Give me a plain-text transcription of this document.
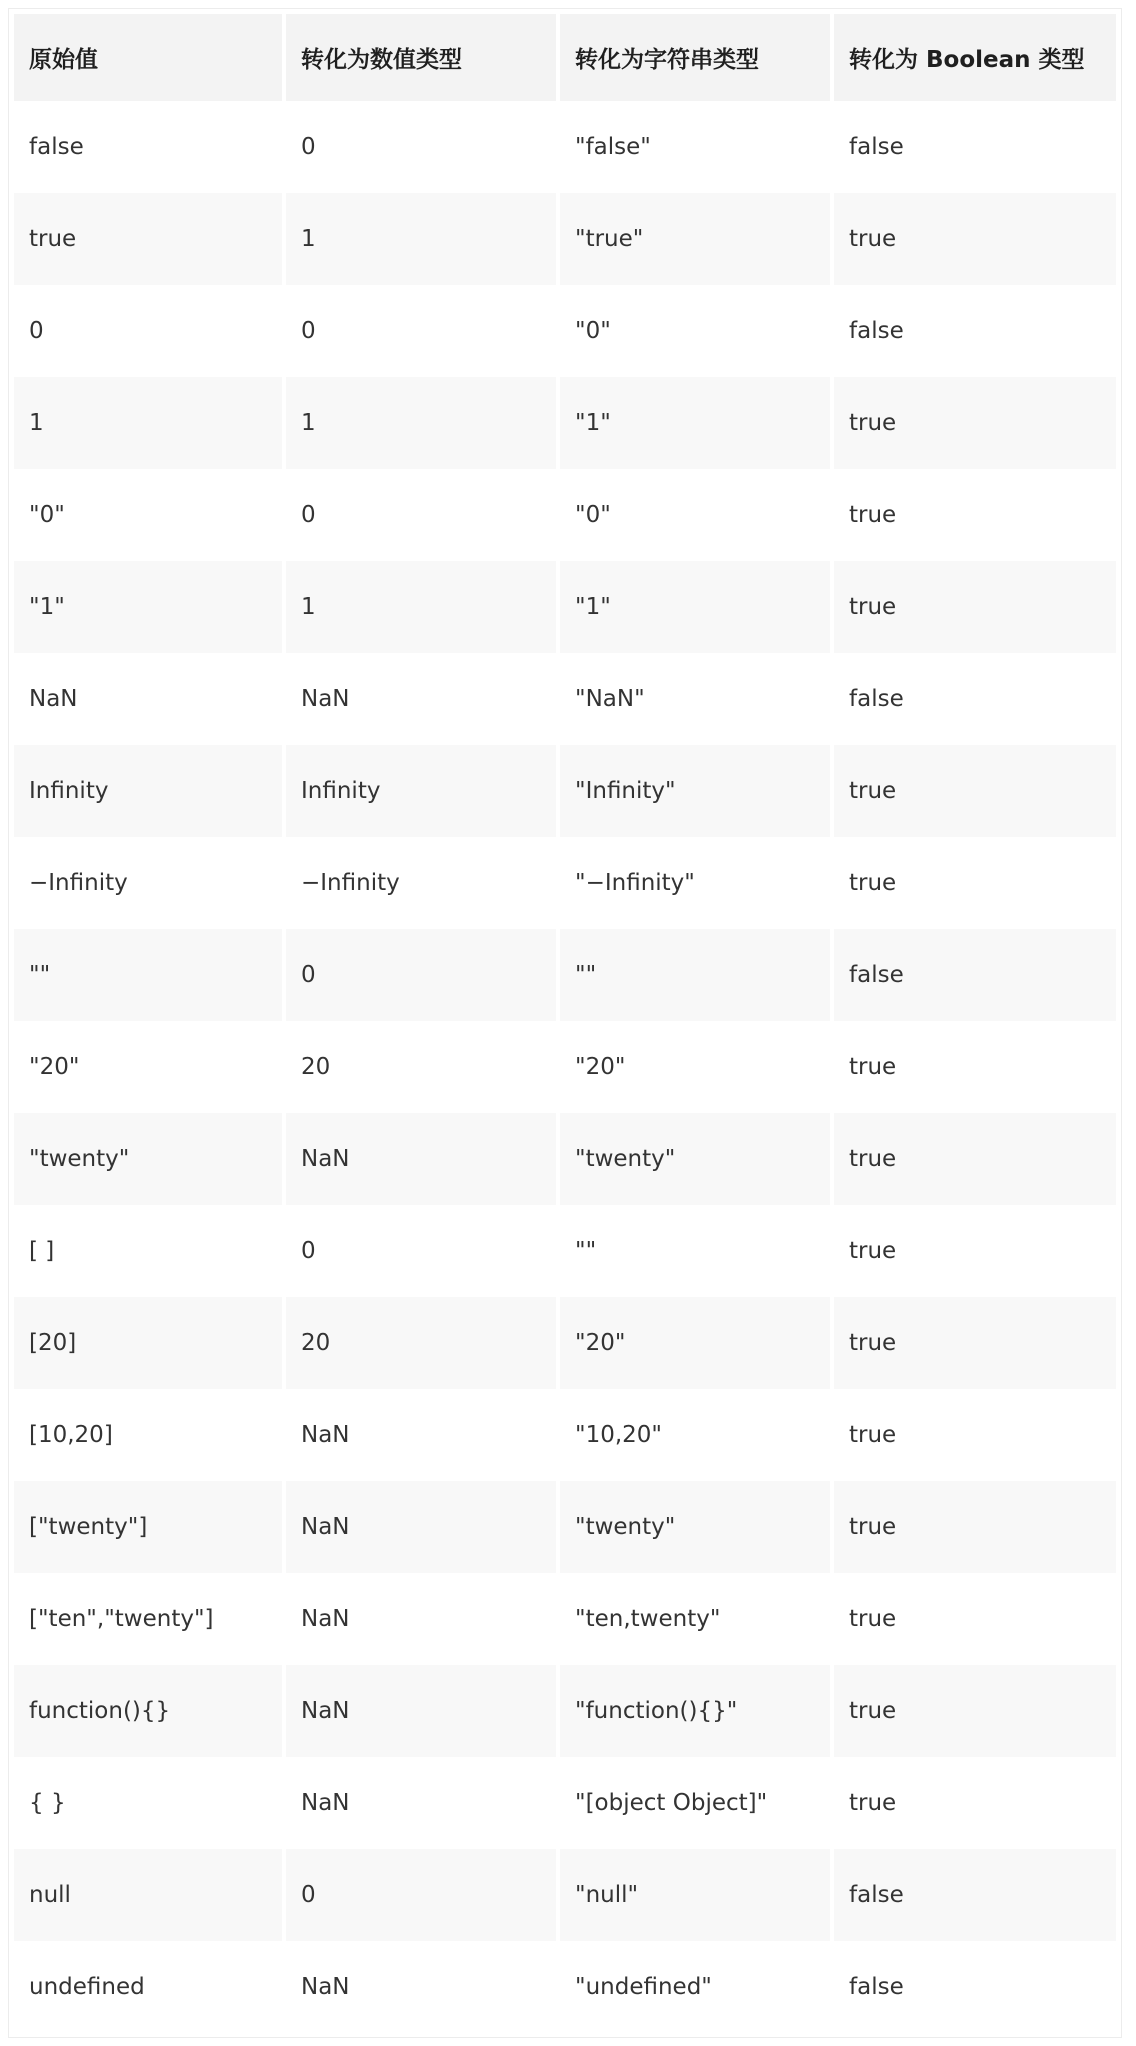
原始值	转化为数值类型	转化为字符串类型	转化为 Boolean 类型
false	0	"false"	false
true	1	"true"	true
0	0	"0"	false
1	1	"1"	true
"0"	0	"0"	true
"1"	1	"1"	true
NaN	NaN	"NaN"	false
Infinity	Infinity	"Infinity"	true
−Infinity	−Infinity	"−Infinity"	true
""	0	""	false
"20"	20	"20"	true
"twenty"	NaN	"twenty"	true
[ ]	0	""	true
[20]	20	"20"	true
[10,20]	NaN	"10,20"	true
["twenty"]	NaN	"twenty"	true
["ten","twenty"]	NaN	"ten,twenty"	true
function(){}	NaN	"function(){}"	true
{ }	NaN	"[object Object]"	true
null	0	"null"	false
undefined	NaN	"undefined"	false
